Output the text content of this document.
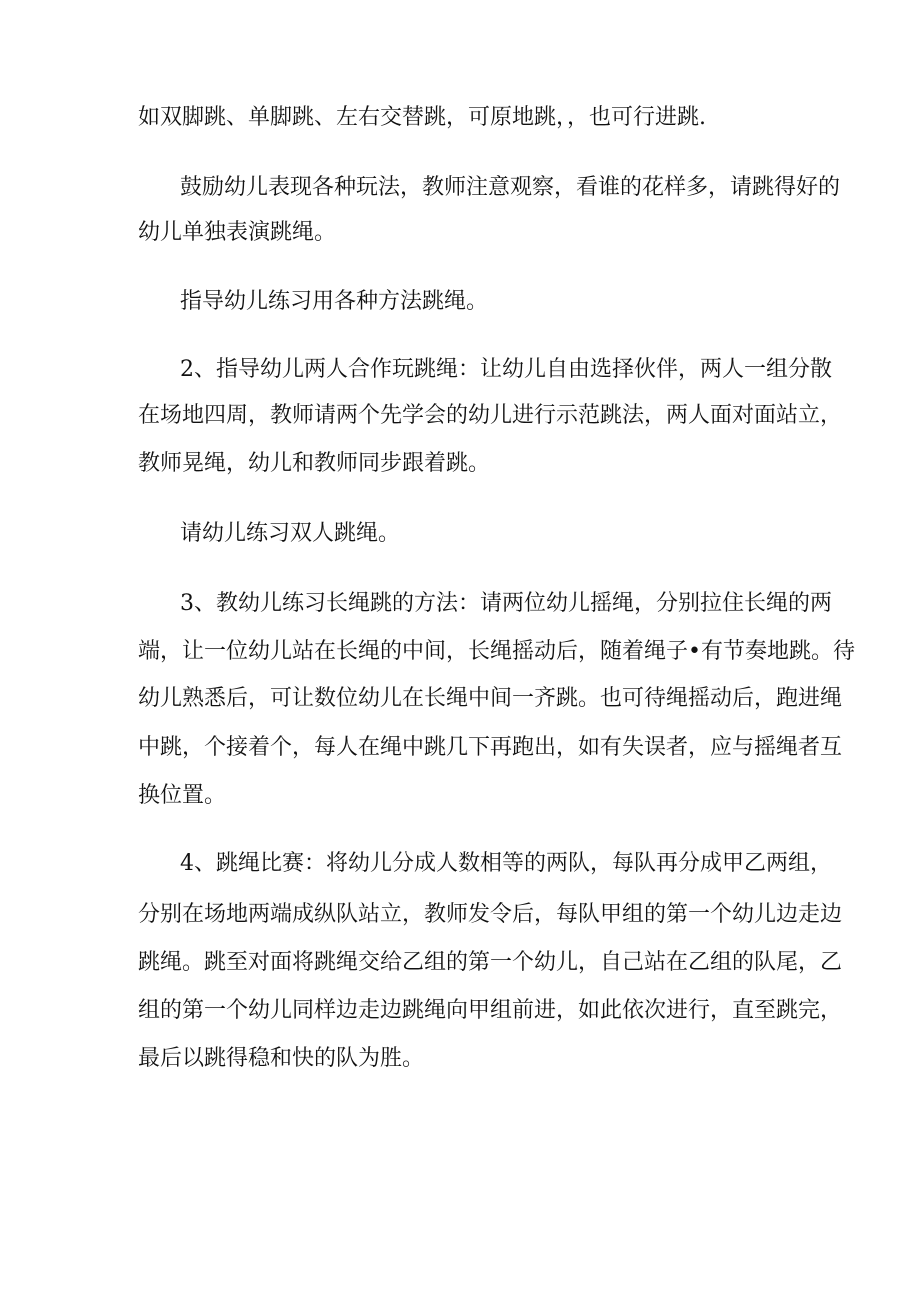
如双脚跳、单脚跳、左右交替跳，可原地跳，，也可行进跳.
鼓励幼儿表现各种玩法，教师注意观察，看谁的花样多，请跳得好的
幼儿单独表演跳绳。
指导幼儿练习用各种方法跳绳。
2、指导幼儿两人合作玩跳绳：让幼儿自由选择伙伴，两人一组分散
在场地四周，教师请两个先学会的幼儿进行示范跳法，两人面对面站立，
教师晃绳，幼儿和教师同步跟着跳。
请幼儿练习双人跳绳。
3、教幼儿练习长绳跳的方法：请两位幼儿摇绳，分别拉住长绳的两
端，让一位幼儿站在长绳的中间，长绳摇动后，随着绳子•有节奏地跳。待
幼儿熟悉后，可让数位幼儿在长绳中间一齐跳。也可待绳摇动后，跑进绳
中跳，个接着个，每人在绳中跳几下再跑出，如有失误者，应与摇绳者互
换位置。
4、跳绳比赛：将幼儿分成人数相等的两队，每队再分成甲乙两组，
分别在场地两端成纵队站立，教师发令后，每队甲组的第一个幼儿边走边
跳绳。跳至对面将跳绳交给乙组的第一个幼儿，自己站在乙组的队尾，乙
组的第一个幼儿同样边走边跳绳向甲组前进，如此依次进行，直至跳完，
最后以跳得稳和快的队为胜。
